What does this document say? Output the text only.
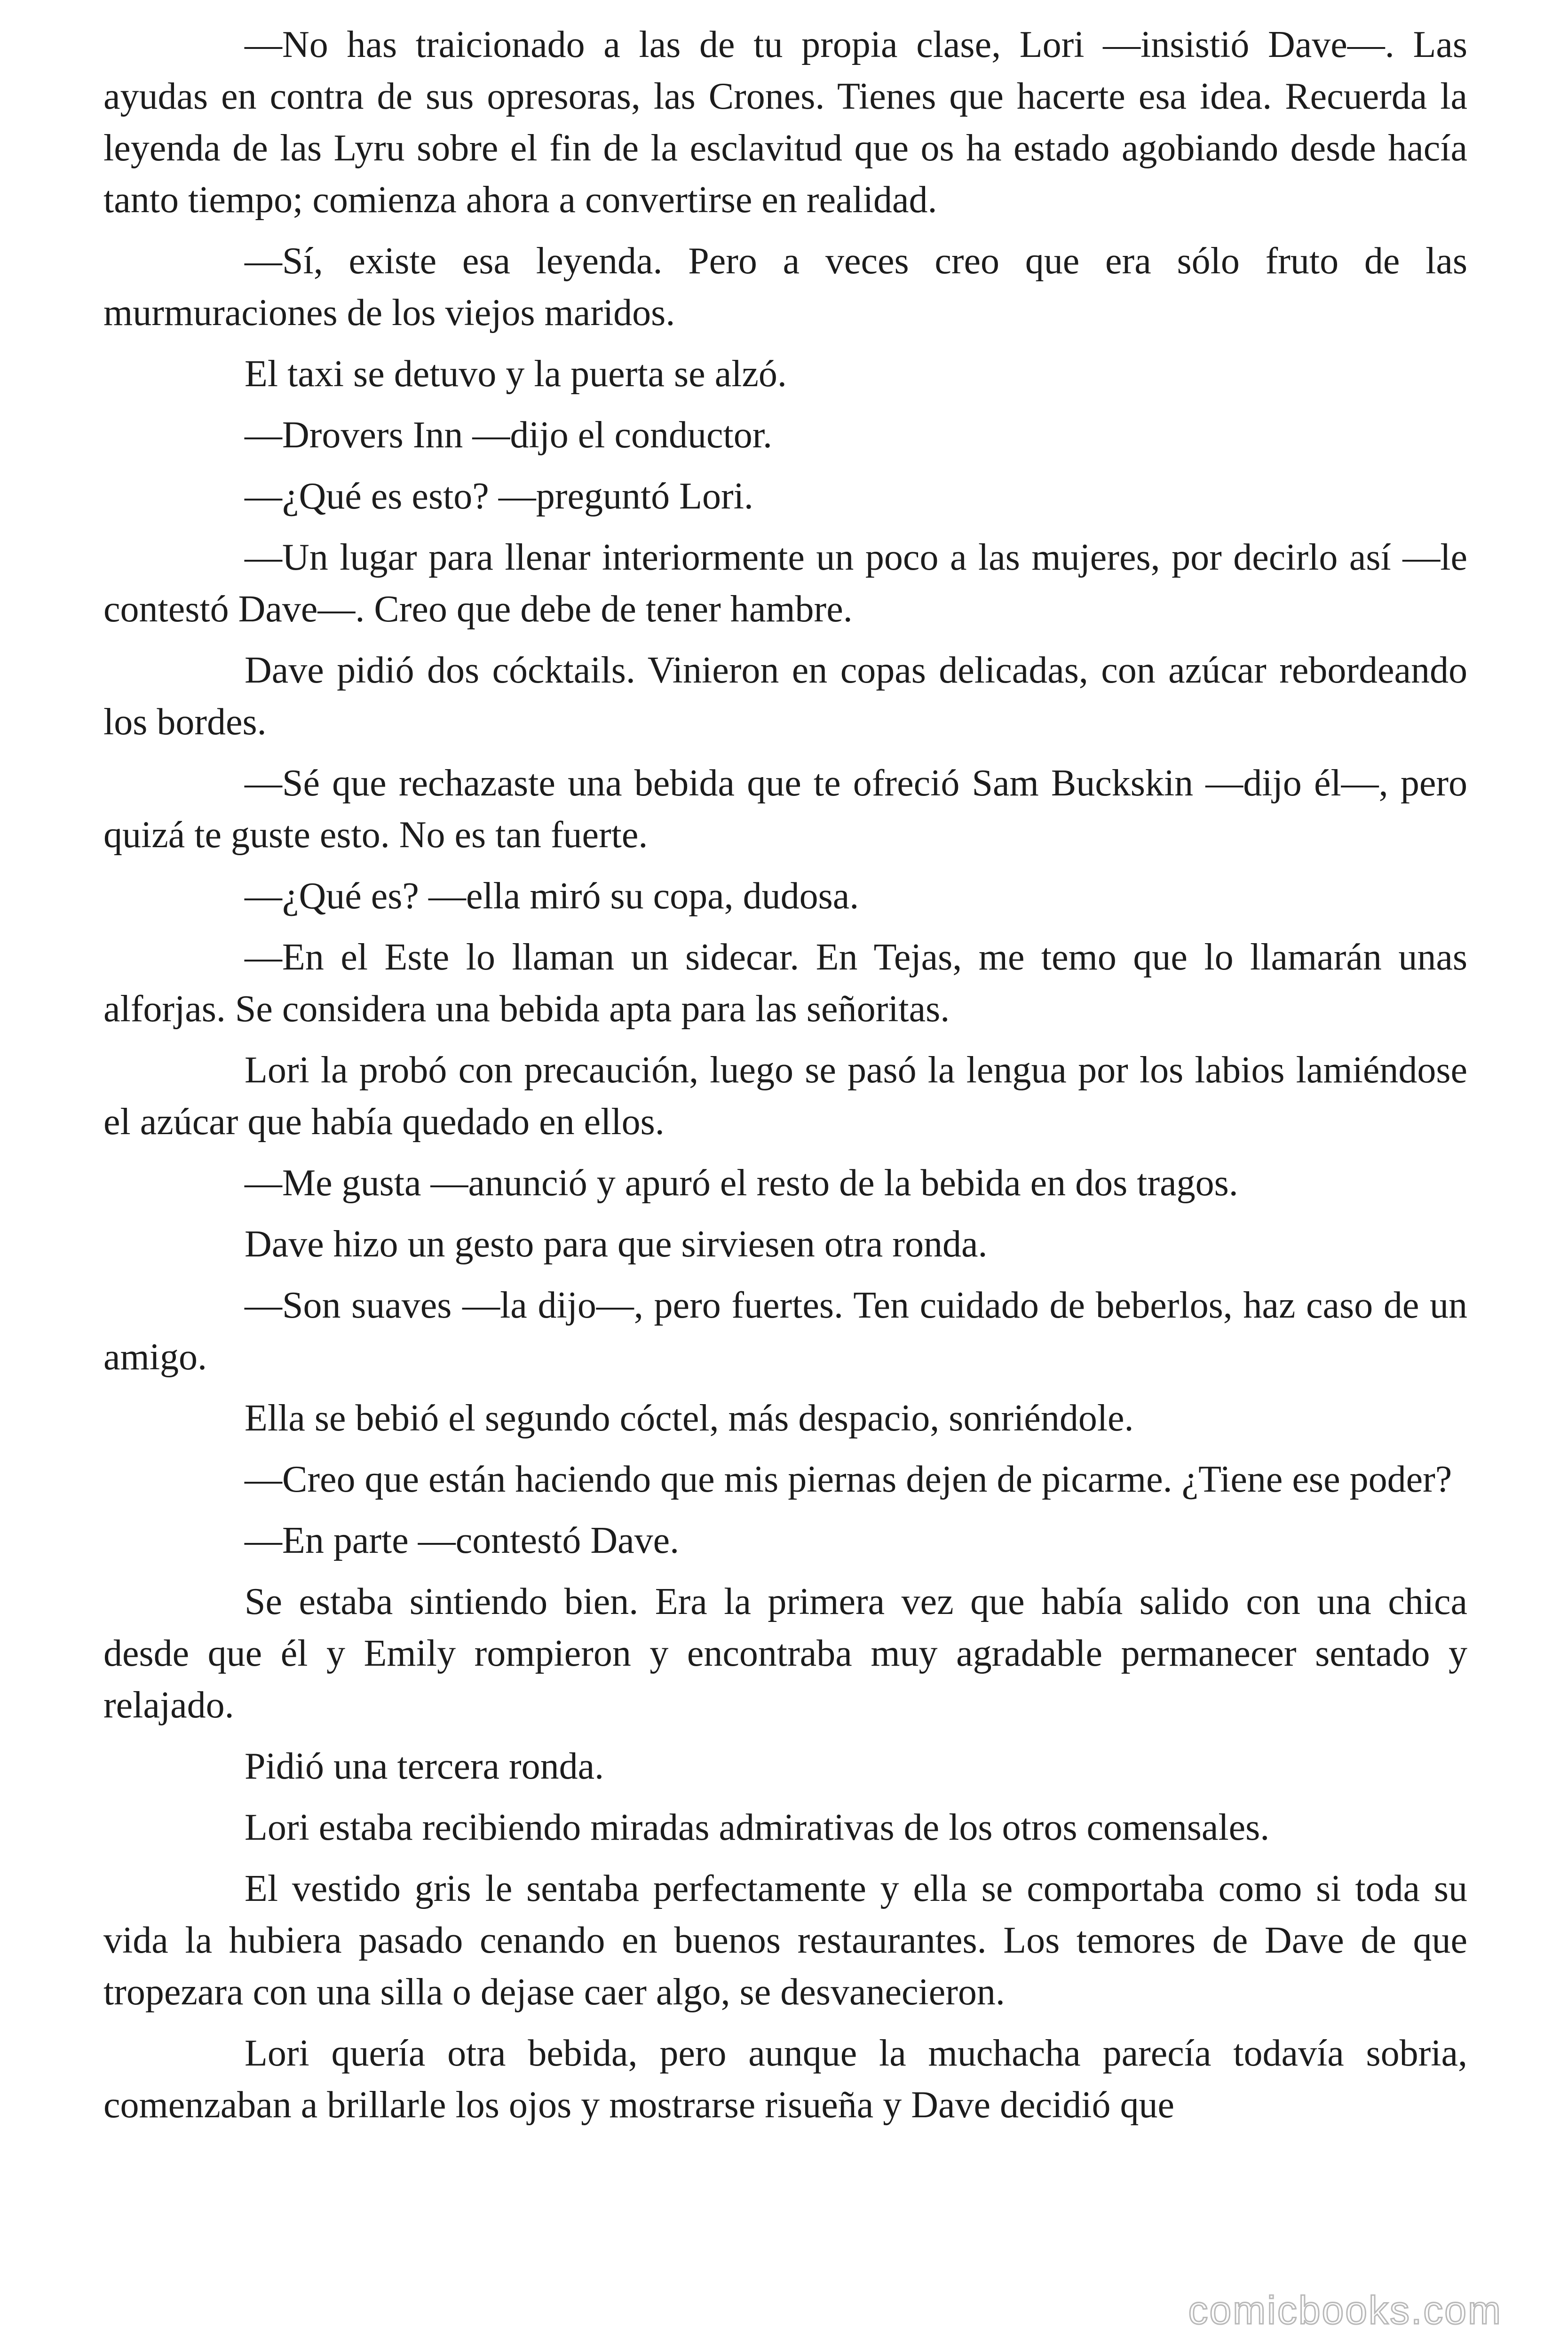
—No has traicionado a las de tu propia clase, Lori —insistió Dave—. Las ayudas en contra de sus opresoras, las Crones. Tienes que hacerte esa idea. Recuerda la leyenda de las Lyru sobre el fin de la esclavitud que os ha estado agobiando desde hacía tanto tiempo; comienza ahora a convertirse en realidad.

—Sí, existe esa leyenda. Pero a veces creo que era sólo fruto de las murmuraciones de los viejos maridos.

El taxi se detuvo y la puerta se alzó.

—Drovers Inn —dijo el conductor.

—¿Qué es esto? —preguntó Lori.

—Un lugar para llenar interiormente un poco a las mujeres, por decirlo así —le contestó Dave—. Creo que debe de tener hambre.

Dave pidió dos cócktails. Vinieron en copas delicadas, con azúcar rebordeando los bordes.

—Sé que rechazaste una bebida que te ofreció Sam Buckskin —dijo él—, pero quizá te guste esto. No es tan fuerte.

—¿Qué es? —ella miró su copa, dudosa.

—En el Este lo llaman un sidecar. En Tejas, me temo que lo llamarán unas alforjas. Se considera una bebida apta para las señoritas.

Lori la probó con precaución, luego se pasó la lengua por los labios lamiéndose el azúcar que había quedado en ellos.

—Me gusta —anunció y apuró el resto de la bebida en dos tragos.

Dave hizo un gesto para que sirviesen otra ronda.

—Son suaves —la dijo—, pero fuertes. Ten cuidado de beberlos, haz caso de un amigo.

Ella se bebió el segundo cóctel, más despacio, sonriéndole.

—Creo que están haciendo que mis piernas dejen de picarme. ¿Tiene ese poder?

—En parte —contestó Dave.

Se estaba sintiendo bien. Era la primera vez que había salido con una chica desde que él y Emily rompieron y encontraba muy agradable permanecer sentado y relajado.

Pidió una tercera ronda.

Lori estaba recibiendo miradas admirativas de los otros comensales.

El vestido gris le sentaba perfectamente y ella se comportaba como si toda su vida la hubiera pasado cenando en buenos restaurantes. Los temores de Dave de que tropezara con una silla o dejase caer algo, se desvanecieron.

Lori quería otra bebida, pero aunque la muchacha parecía todavía sobria, comenzaban a brillarle los ojos y mostrarse risueña y Dave decidió que

comicbooks.com
